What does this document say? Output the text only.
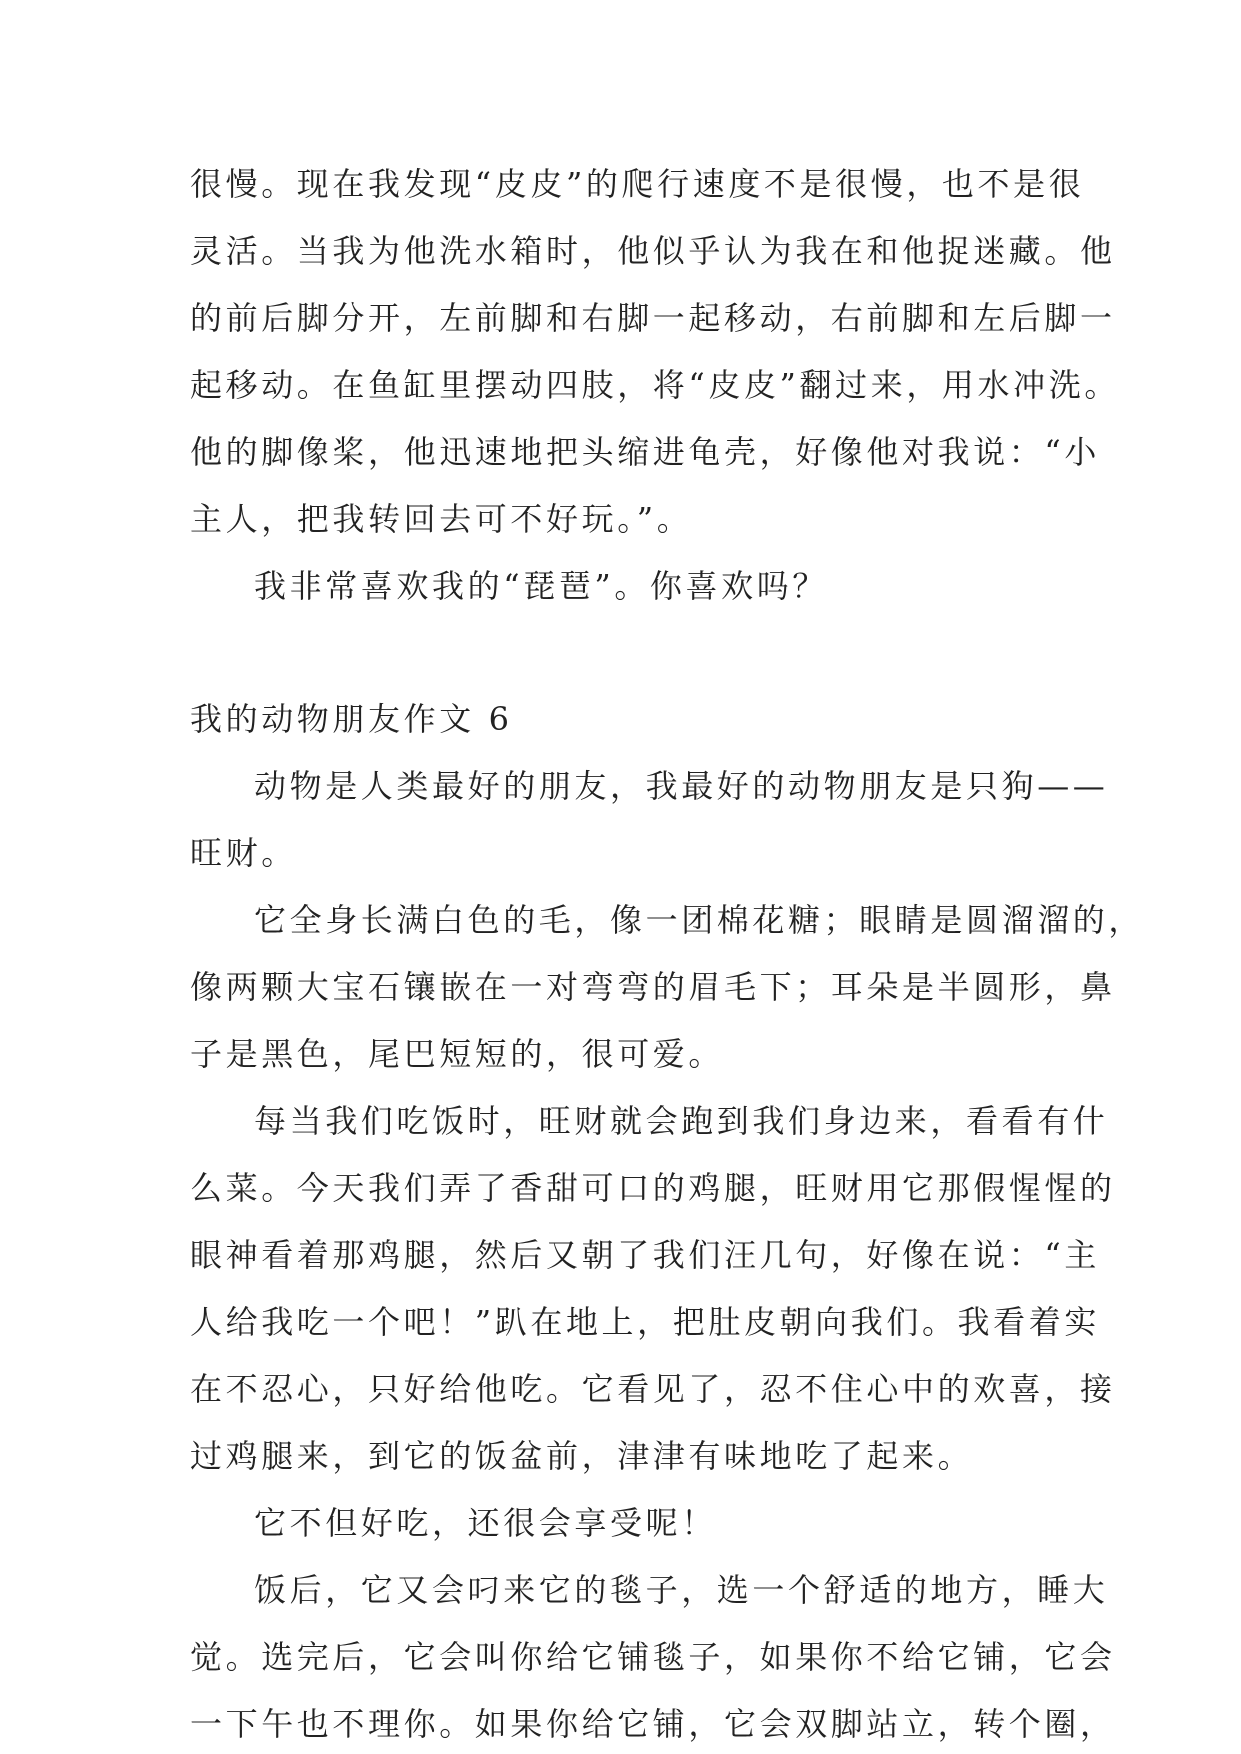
很慢。现在我发现“皮皮”的爬行速度不是很慢，也不是很
灵活。当我为他洗水箱时，他似乎认为我在和他捉迷藏。他
的前后脚分开，左前脚和右脚一起移动，右前脚和左后脚一
起移动。在鱼缸里摆动四肢，将“皮皮”翻过来，用水冲洗。
他的脚像桨，他迅速地把头缩进龟壳，好像他对我说：“小
主人，把我转回去可不好玩。”。
我非常喜欢我的“琵琶”。你喜欢吗？
我的动物朋友作文 6
动物是人类最好的朋友，我最好的动物朋友是只狗——
旺财。
它全身长满白色的毛，像一团棉花糖；眼睛是圆溜溜的，
像两颗大宝石镶嵌在一对弯弯的眉毛下；耳朵是半圆形，鼻
子是黑色，尾巴短短的，很可爱。
每当我们吃饭时，旺财就会跑到我们身边来，看看有什
么菜。今天我们弄了香甜可口的鸡腿，旺财用它那假惺惺的
眼神看着那鸡腿，然后又朝了我们汪几句，好像在说：“主
人给我吃一个吧！”趴在地上，把肚皮朝向我们。我看着实
在不忍心，只好给他吃。它看见了，忍不住心中的欢喜，接
过鸡腿来，到它的饭盆前，津津有味地吃了起来。
它不但好吃，还很会享受呢！
饭后，它又会叼来它的毯子，选一个舒适的地方，睡大
觉。选完后，它会叫你给它铺毯子，如果你不给它铺，它会
一下午也不理你。如果你给它铺，它会双脚站立，转个圈，
